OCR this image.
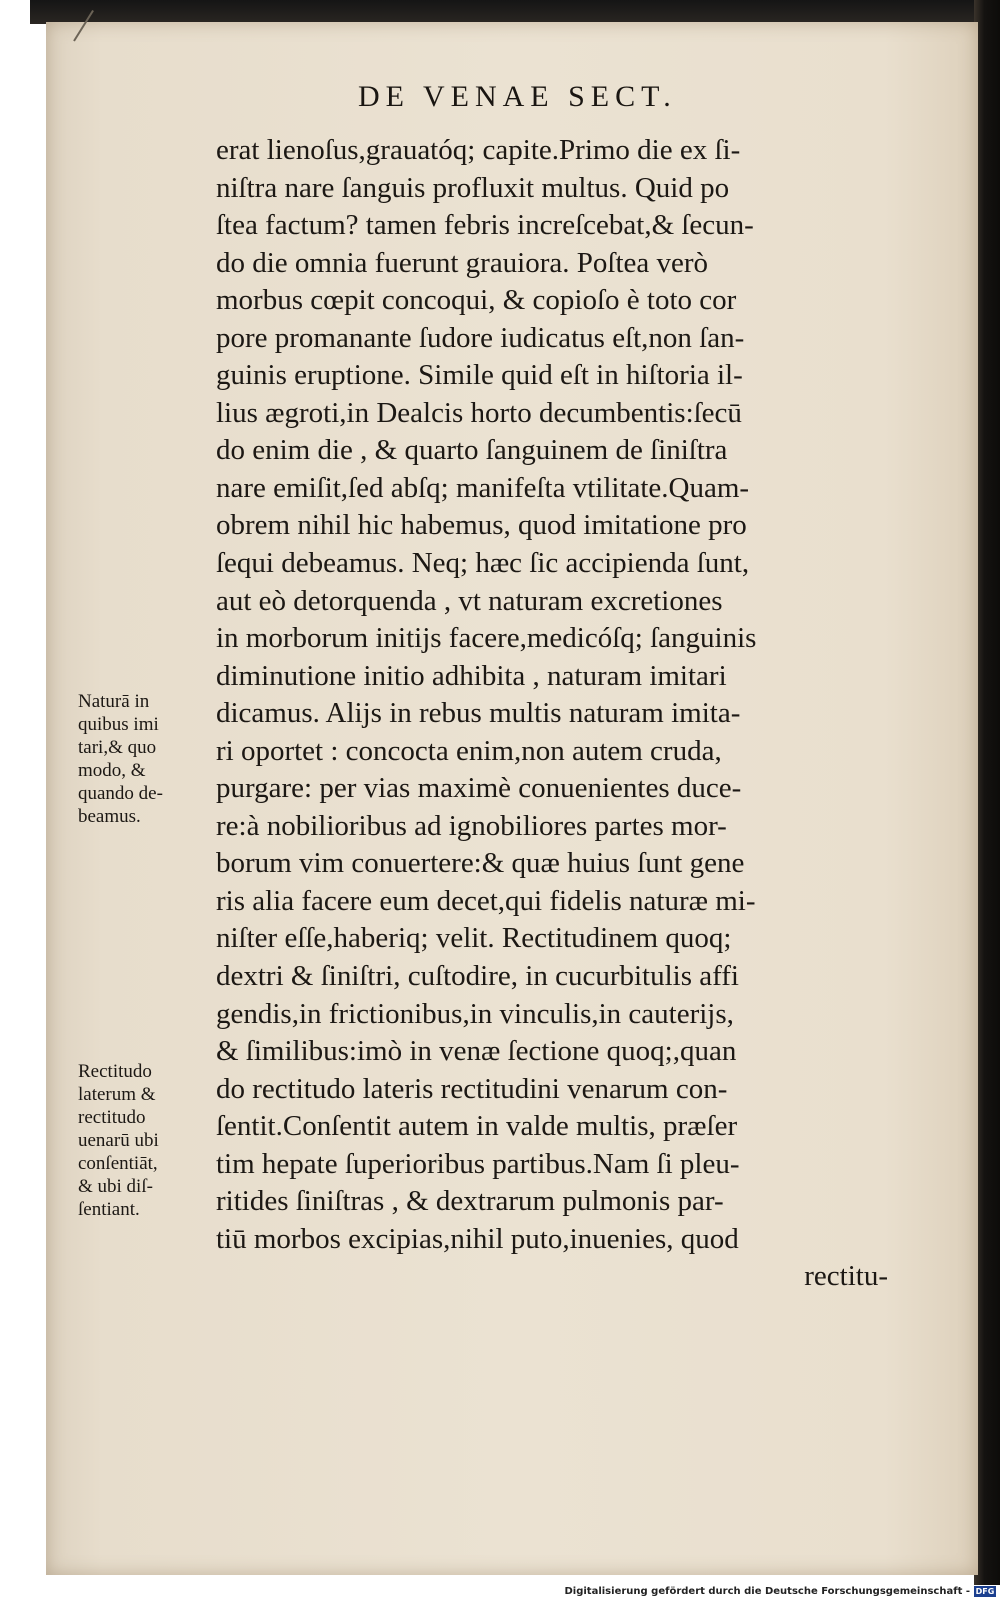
DE VENAE SECT.
erat lienoſus,grauatóq; capite.Primo die ex ſi-
niſtra nare ſanguis profluxit multus. Quid po
ſtea factum? tamen febris increſcebat,& ſecun-
do die omnia fuerunt grauiora. Poſtea verò
morbus cœpit concoqui, & copioſo è toto cor
pore promanante ſudore iudicatus eſt,non ſan-
guinis eruptione. Simile quid eſt in hiſtoria il-
lius ægroti,in Dealcis horto decumbentis:ſecū
do enim die , & quarto ſanguinem de ſiniſtra
nare emiſit,ſed abſq; manifeſta vtilitate.Quam-
obrem nihil hic habemus, quod imitatione pro
ſequi debeamus. Neq; hæc ſic accipienda ſunt,
aut eò detorquenda , vt naturam excretiones
in morborum initijs facere,medicóſq; ſanguinis
diminutione initio adhibita , naturam imitari
dicamus. Alijs in rebus multis naturam imita-
ri oportet : concocta enim,non autem cruda,
purgare: per vias maximè conuenientes duce-
re:à nobilioribus ad ignobiliores partes mor-
borum vim conuertere:& quæ huius ſunt gene
ris alia facere eum decet,qui fidelis naturæ mi-
niſter eſſe,haberiq; velit. Rectitudinem quoq;
dextri & ſiniſtri, cuſtodire, in cucurbitulis affi
gendis,in frictionibus,in vinculis,in cauterijs,
& ſimilibus:imò in venæ ſectione quoq;,quan
do rectitudo lateris rectitudini venarum con-
ſentit.Conſentit autem in valde multis, præſer
tim hepate ſuperioribus partibus.Nam ſi pleu-
ritides ſiniſtras , & dextrarum pulmonis par-
tiū morbos excipias,nihil puto,inuenies, quod
rectitu-
Naturā in
quibus imi
tari,& quo
modo, &
quando de-
beamus.
Rectitudo
laterum &
rectitudo
uenarū ubi
conſentiāt,
& ubi diſ-
ſentiant.
Digitalisierung gefördert durch die Deutsche Forschungsgemeinschaft - DFG
